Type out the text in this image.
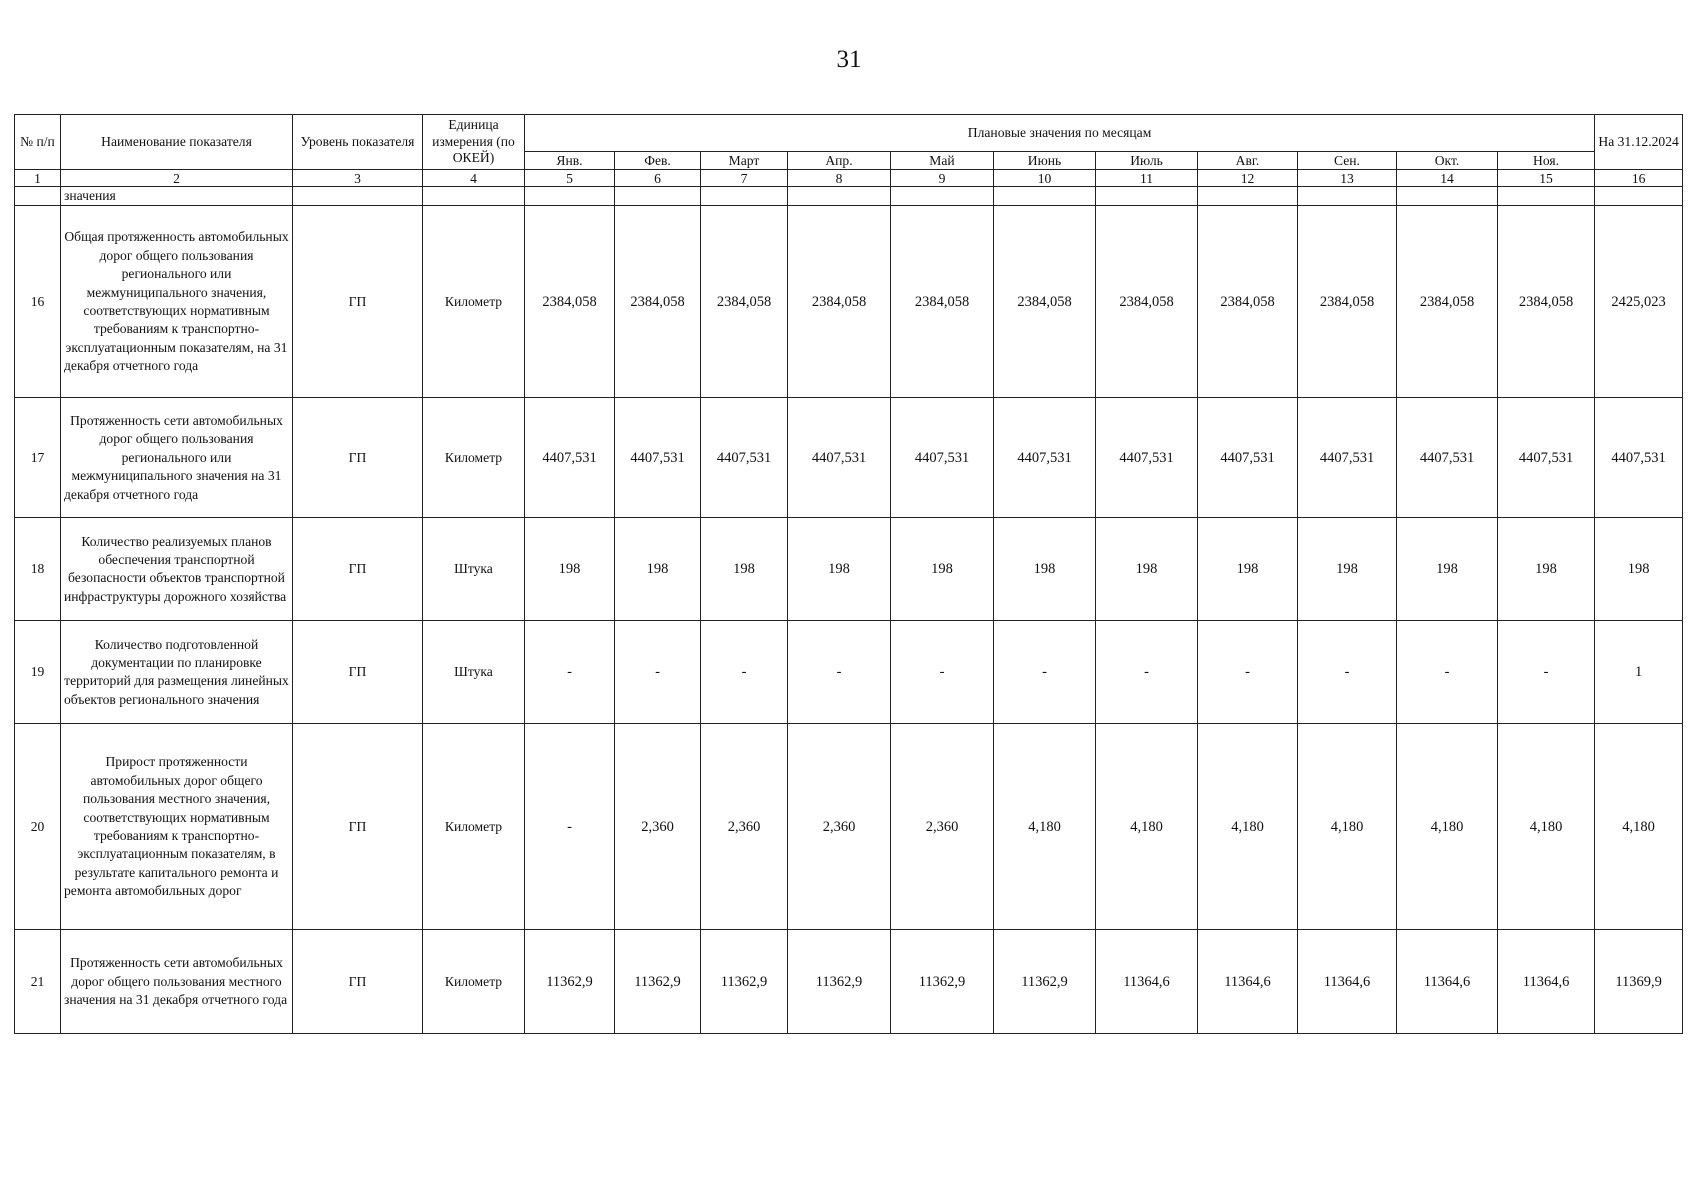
31
№ п/п	Наименование показателя	Уровень показателя	Единица измерения (по ОКЕЙ)	Плановые значения по месяцам											На 31.12.2024
				Янв.	Фев.	Март	Апр.	Май	Июнь	Июль	Авг.	Сен.	Окт.	Ноя.	
1	2	3	4	5	6	7	8	9	10	11	12	13	14	15	16
	значения														
16	Общая протяженность автомобильных дорог общего пользования регионального или межмуниципального значения, соответствующих нормативным требованиям к транспортно-эксплуатационным показателям, на 31 декабря отчетного года	ГП	Километр	2384,058	2384,058	2384,058	2384,058	2384,058	2384,058	2384,058	2384,058	2384,058	2384,058	2384,058	2425,023
17	Протяженность сети автомобильных дорог общего пользования регионального или межмуниципального значения на 31 декабря отчетного года	ГП	Километр	4407,531	4407,531	4407,531	4407,531	4407,531	4407,531	4407,531	4407,531	4407,531	4407,531	4407,531	4407,531
18	Количество реализуемых планов обеспечения транспортной безопасности объектов транспортной инфраструктуры дорожного хозяйства	ГП	Штука	198	198	198	198	198	198	198	198	198	198	198	198
19	Количество подготовленной документации по планировке территорий для размещения линейных объектов регионального значения	ГП	Штука	-	-	-	-	-	-	-	-	-	-	-	1
20	Прирост протяженности автомобильных дорог общего пользования местного значения, соответствующих нормативным требованиям к транспортно-эксплуатационным показателям, в результате капитального ремонта и ремонта автомобильных дорог	ГП	Километр	-	2,360	2,360	2,360	2,360	4,180	4,180	4,180	4,180	4,180	4,180	4,180
21	Протяженность сети автомобильных дорог общего пользования местного значения на 31 декабря отчетного года	ГП	Километр	11362,9	11362,9	11362,9	11362,9	11362,9	11362,9	11364,6	11364,6	11364,6	11364,6	11364,6	11369,9
